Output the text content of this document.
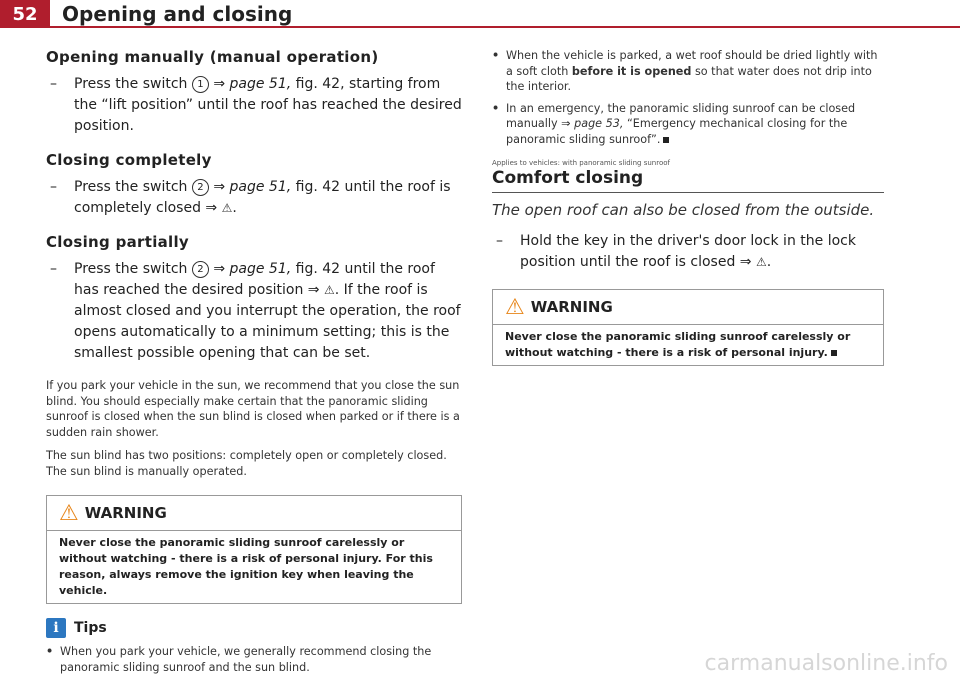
52	Opening and closing
Opening manually (manual operation)

– Press the switch 1 ⇒ page 51, fig. 42, starting from the “lift position” until the roof has reached the desired position.

Closing completely

– Press the switch 2 ⇒ page 51, fig. 42 until the roof is completely closed ⇒ ⚠.

Closing partially

– Press the switch 2 ⇒ page 51, fig. 42 until the roof has reached the desired position ⇒ ⚠. If the roof is almost closed and you interrupt the operation, the roof opens automatically to a minimum setting; this is the smallest possible opening that can be set.

If you park your vehicle in the sun, we recommend that you close the sun blind. You should especially make certain that the panoramic sliding sunroof is closed when the sun blind is closed when parked or if there is a sudden rain shower.

The sun blind has two positions: completely open or completely closed. The sun blind is manually operated.

⚠ WARNING
Never close the panoramic sliding sunroof carelessly or without watching - there is a risk of personal injury. For this reason, always remove the ignition key when leaving the vehicle.
i	Tips

• When you park your vehicle, we generally recommend closing the panoramic sliding sunroof and the sun blind.

• When the vehicle is parked, a wet roof should be dried lightly with a soft cloth before it is opened so that water does not drip into the interior.

• In an emergency, the panoramic sliding sunroof can be closed manually ⇒ page 53, “Emergency mechanical closing for the panoramic sliding sunroof”.

Applies to vehicles: with panoramic sliding sunroof
Comfort closing
The open roof can also be closed from the outside.

– Hold the key in the driver's door lock in the lock position until the roof is closed ⇒ ⚠.

⚠ WARNING
Never close the panoramic sliding sunroof carelessly or without watching - there is a risk of personal injury.
carmanualsonline.info
